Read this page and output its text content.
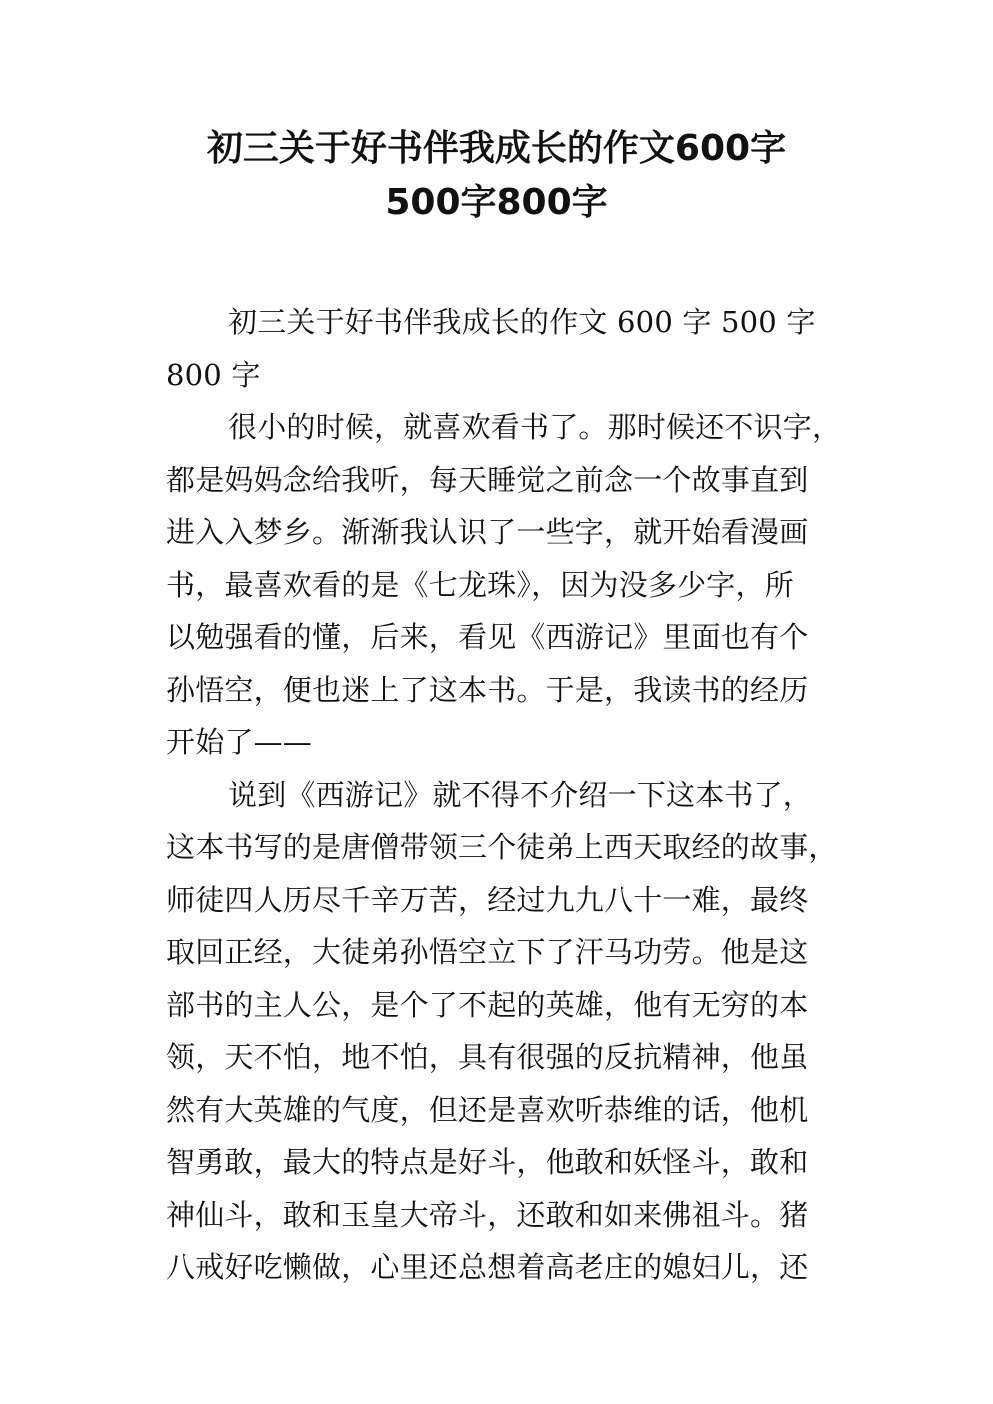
初三关于好书伴我成长的作文600字
500字800字
初三关于好书伴我成长的作文 600 字 500 字
800 字
很小的时候，就喜欢看书了。那时候还不识字，
都是妈妈念给我听，每天睡觉之前念一个故事直到
进入入梦乡。渐渐我认识了一些字，就开始看漫画
书，最喜欢看的是《七龙珠》，因为没多少字，所
以勉强看的懂，后来，看见《西游记》里面也有个
孙悟空，便也迷上了这本书。于是，我读书的经历
开始了——
说到《西游记》就不得不介绍一下这本书了，
这本书写的是唐僧带领三个徒弟上西天取经的故事，
师徒四人历尽千辛万苦，经过九九八十一难，最终
取回正经，大徒弟孙悟空立下了汗马功劳。他是这
部书的主人公，是个了不起的英雄，他有无穷的本
领，天不怕，地不怕，具有很强的反抗精神，他虽
然有大英雄的气度，但还是喜欢听恭维的话，他机
智勇敢，最大的特点是好斗，他敢和妖怪斗，敢和
神仙斗，敢和玉皇大帝斗，还敢和如来佛祖斗。猪
八戒好吃懒做，心里还总想着高老庄的媳妇儿，还
